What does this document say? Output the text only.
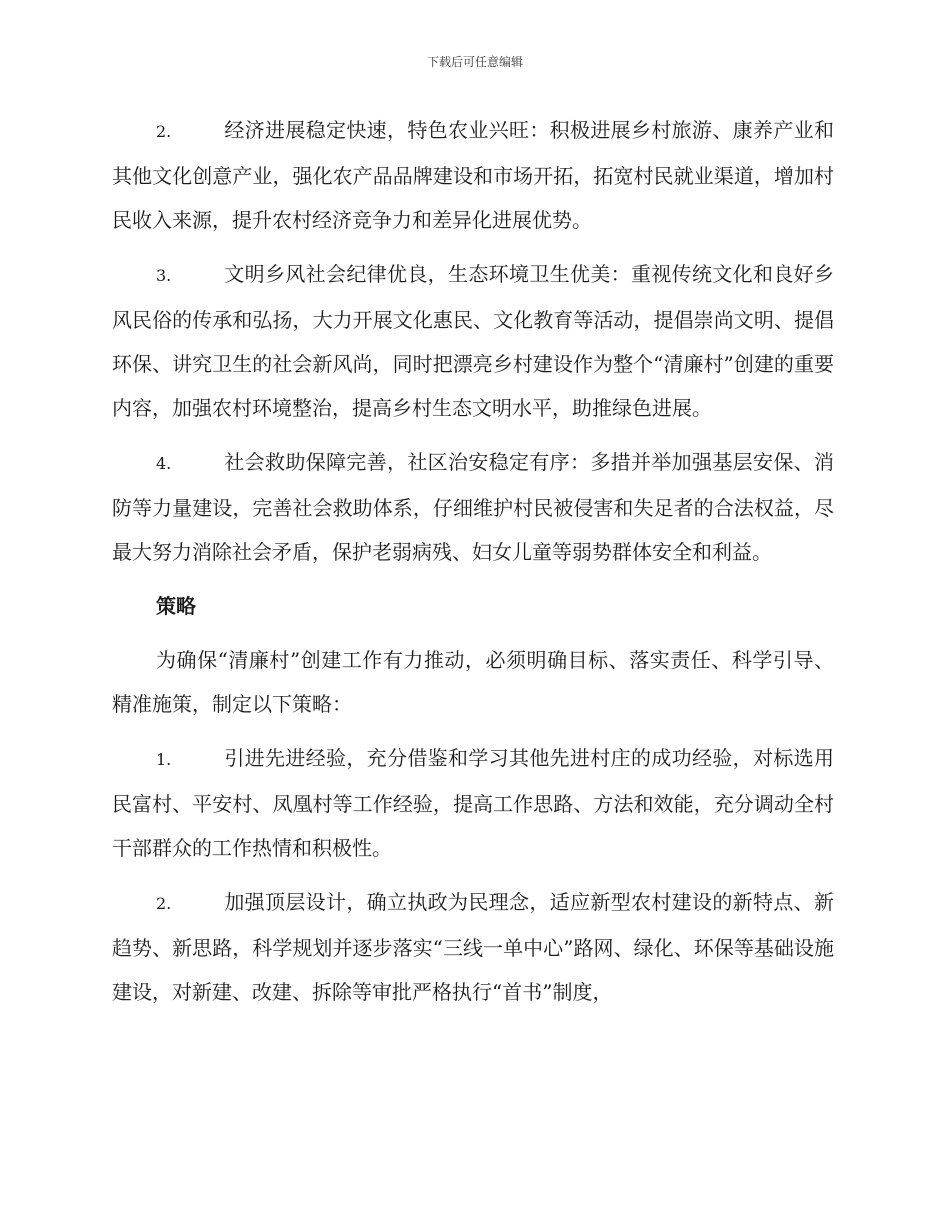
下载后可任意编辑

2.	经济进展稳定快速，特色农业兴旺：积极进展乡村旅游、康养产业和其他文化创意产业，强化农产品品牌建设和市场开拓，拓宽村民就业渠道，增加村民收入来源，提升农村经济竞争力和差异化进展优势。

3.	文明乡风社会纪律优良，生态环境卫生优美：重视传统文化和良好乡风民俗的传承和弘扬，大力开展文化惠民、文化教育等活动，提倡崇尚文明、提倡环保、讲究卫生的社会新风尚，同时把漂亮乡村建设作为整个“清廉村”创建的重要内容，加强农村环境整治，提高乡村生态文明水平，助推绿色进展。

4.	社会救助保障完善，社区治安稳定有序：多措并举加强基层安保、消防等力量建设，完善社会救助体系，仔细维护村民被侵害和失足者的合法权益，尽最大努力消除社会矛盾，保护老弱病残、妇女儿童等弱势群体安全和利益。

策略

为确保“清廉村”创建工作有力推动，必须明确目标、落实责任、科学引导、精准施策，制定以下策略：

1.	引进先进经验，充分借鉴和学习其他先进村庄的成功经验，对标选用民富村、平安村、凤凰村等工作经验，提高工作思路、方法和效能，充分调动全村干部群众的工作热情和积极性。

2.	加强顶层设计，确立执政为民理念，适应新型农村建设的新特点、新趋势、新思路，科学规划并逐步落实“三线一单中心”路网、绿化、环保等基础设施建设，对新建、改建、拆除等审批严格执行“首书”制度，
